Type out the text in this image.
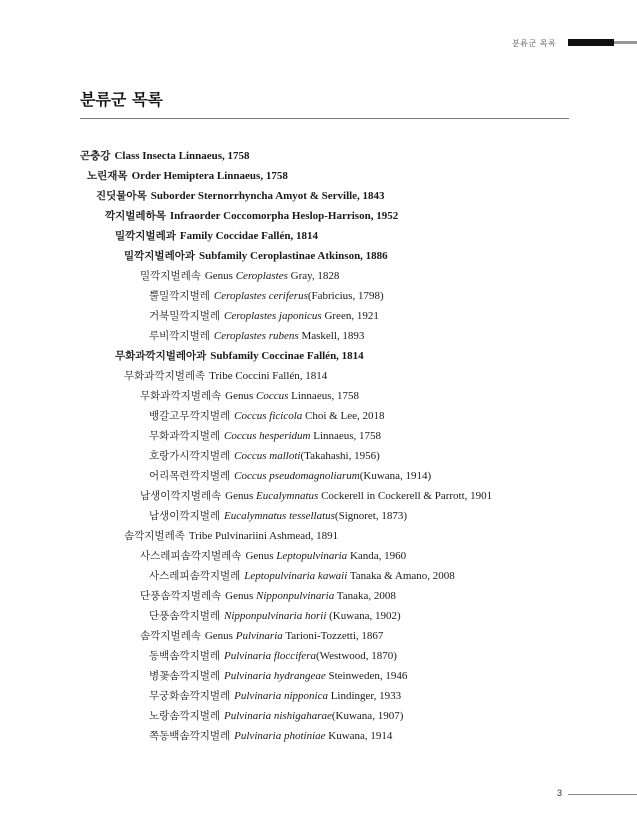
분류군 목록
분류군 목록
곤충강 Class Insecta Linnaeus, 1758
노린재목 Order Hemiptera Linnaeus, 1758
진딧물아목 Suborder Sternorrhyncha Amyot & Serville, 1843
깍지벌레하목 Infraorder Coccomorpha Heslop-Harrison, 1952
밀깍지벌레과 Family Coccidae Fallén, 1814
밀깍지벌레아과 Subfamily Ceroplastinae Atkinson, 1886
밀깍지벌레속 Genus Ceroplastes Gray, 1828
뿔밀깍지벌레 Ceroplastes ceriferus(Fabricius, 1798)
거북밀깍지벌레 Ceroplastes japonicus Green, 1921
루비깍지벌레 Ceroplastes rubens Maskell, 1893
무화과깍지벌레아과 Subfamily Coccinae Fallén, 1814
무화과깍지벌레족 Tribe Coccini Fallén, 1814
무화과깍지벌레속 Genus Coccus Linnaeus, 1758
뱅갈고무깍지벌레 Coccus ficicola Choi & Lee, 2018
무화과깍지벌레 Coccus hesperidum Linnaeus, 1758
호랑가시깍지벌레 Coccus malloti(Takahashi, 1956)
어리목련깍지벌레 Coccus pseudomagnoliarum(Kuwana, 1914)
남생이깍지벌레속 Genus Eucalymnatus Cockerell in Cockerell & Parrott, 1901
남생이깍지벌레 Eucalymnatus tessellatus(Signoret, 1873)
솜깍지벌레족 Tribe Pulvinariini Ashmead, 1891
사스레피솜깍지벌레속 Genus Leptopulvinaria Kanda, 1960
사스레피솜깍지벌레 Leptopulvinaria kawaii Tanaka & Amano, 2008
단풍솜깍지벌레속 Genus Nipponpulvinaria Tanaka, 2008
단풍솜깍지벌레 Nipponpulvinaria horii (Kuwana, 1902)
솜깍지벌레속 Genus Pulvinaria Tarioni-Tozzetti, 1867
동백솜깍지벌레 Pulvinaria floccifera(Westwood, 1870)
병꽃솜깍지벌레 Pulvinaria hydrangeae Steinweden, 1946
무궁화솜깍지벌레 Pulvinaria nipponica Lindinger, 1933
노랑솜깍지벌레 Pulvinaria nishigaharae(Kuwana, 1907)
쪽동백솜깍지벌레 Pulvinaria photiniae Kuwana, 1914
3
